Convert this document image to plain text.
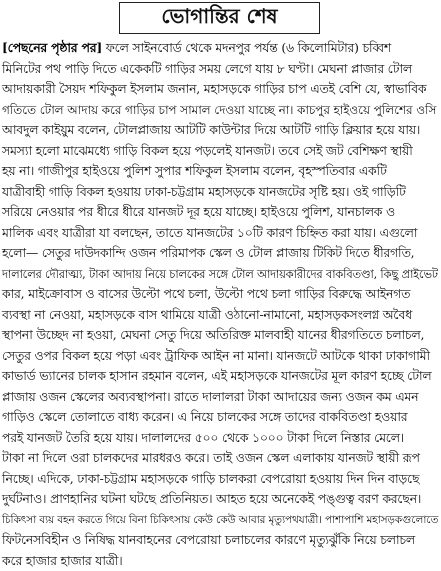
ভোগান্তির শেষ
[পেছনের পৃষ্ঠার পর] ফলে সাইনবোর্ড থেকে মদনপুর পর্যন্ত (৬ কিলোমিটার) চব্বিশ
মিনিটের পথ পাড়ি দিতে একেকটি গাড়ির সময় লেগে যায় ৮ ঘণ্টা। মেঘনা প্লাজার টোল
আদায়কারী সৈয়দ শফিকুল ইসলাম জনান, মহাসড়কে গাড়ির চাপ এতই বেশি যে, স্বাভাবিক
গতিতে টোল আদায় করে গাড়ির চাপ সামাল দেওয়া যাচ্ছে না। কাচপুর হাইওয়ে পুলিশের ওসি
আবদুল কাইয়ুম বলেন, টোলপ্লাজায় আটটি কাউন্টার দিয়ে আটটি গাড়ি ক্লিয়ার হয়ে যায়।
সমস্যা হলো মাঝেমধ্যে গাড়ি বিকল হয়ে পড়লেই যানজট। তবে সেই জট বেশিক্ষণ স্থায়ী
হয় না। গাজীপুর হাইওয়ে পুলিশ সুপার শফিকুল ইসলাম বলেন, বৃহস্পতিবার একটি
যাত্রীবাহী গাড়ি বিকল হওয়ায় ঢাকা-চট্টগ্রাম মহাসড়কে যানজটের সৃষ্টি হয়। ওই গাড়িটি
সরিয়ে নেওয়ার পর ধীরে ধীরে যানজট দূর হয়ে যাচ্ছে। হাইওয়ে পুলিশ, যানচালক ও
মালিক এবং যাত্রীরা যা বলছেন, তাতে যানজটের ১০টি কারণ চিহ্নিত করা যায়। এগুলো
হলো— সেতুর দাউদকান্দি ওজন পরিমাপক স্কেল ও টোল প্লাজায় টিকিট দিতে ধীরগতি,
দালালের দৌরাত্ম্য, টাকা আদায় নিয়ে চালকের সঙ্গে টোল আদায়কারীদের বাকবিতণ্ডা, কিছু প্রাইভেট
কার, মাইক্রোবাস ও বাসের উল্টো পথে চলা, উল্টো পথে চলা গাড়ির বিরুদ্ধে আইনগত
ব্যবস্থা না নেওয়া, মহাসড়কে বাস থামিয়ে যাত্রী ওঠানো-নামানো, মহাসড়কসংলগ্ন অবৈধ
স্থাপনা উচ্ছেদ না হওয়া, মেঘনা সেতু দিয়ে অতিরিক্ত মালবাহী যানের ধীরগতিতে চলাচল,
সেতুর ওপর বিকল হয়ে পড়া এবং ট্রাফিক আইন না মানা। যানজটে আটকে থাকা ঢাকাগামী
কাভার্ড ভ্যানের চালক হাসান রহমান বলেন, এই মহাসড়কে যানজটের মূল কারণ হচ্ছে টোল
প্লাজায় ওজন স্কেলের অব্যবস্থাপনা। রাতে দালালরা টাকা আদায়ের জন্য ওজন কম এমন
গাড়িও স্কেলে তোলাতে বাধ্য করেন। এ নিয়ে চালকের সঙ্গে তাদের বাকবিতণ্ডা হওয়ার
পরই যানজট তৈরি হয়ে যায়। দালালদের ৫০০ থেকে ১০০০ টাকা দিলে নিস্তার মেলে।
টাকা না দিলে ওরা চালকদের মারধরও করে। তাই ওজন স্কেল এলাকায় যানজট স্থায়ী রূপ
নিচ্ছে। এদিকে, ঢাকা-চট্টগ্রাম মহাসড়কে গাড়ি চালকরা বেপরোয়া হওয়ায় দিন দিন বাড়ছে
দুর্ঘটনাও। প্রাণহানির ঘটনা ঘটছে প্রতিনিয়ত। আহত হয়ে অনেকেই পঙ্গুত্ব বরণ করছেন।
চিকিৎসা ব্যয় বহন করতে গিয়ে বিনা চিকিৎসায় কেউ কেউ আবার মৃত্যুপথযাত্রী। পাশাপাশি মহাসড়কগুলোতে
ফিটনেসবিহীন ও নিষিদ্ধ যানবাহনের বেপরোয়া চলাচলের কারণে মৃত্যুঝুঁকি নিয়ে চলাচল
করে হাজার হাজার যাত্রী।
